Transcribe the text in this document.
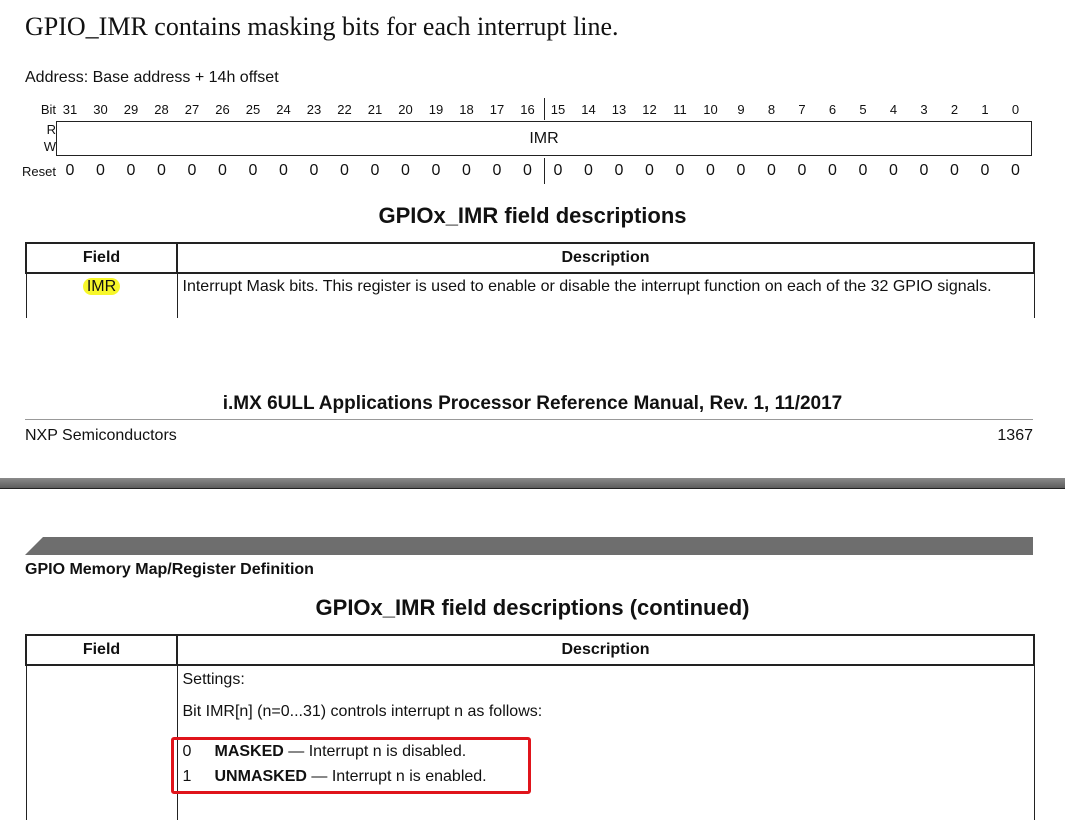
GPIO_IMR contains masking bits for each interrupt line.
Address: Base address + 14h offset
Bit 31	30	29	28	27	26	25	24	23	22	21	20	19	18	17	16	15	14	13	12	11	10	9	8	7	6	5	4	3	2	1	0
R
W	IMR
Reset 0	0	0	0	0	0	0	0	0	0	0	0	0	0	0	0	0	0	0	0	0	0	0	0	0	0	0	0	0	0	0	0
GPIOx_IMR field descriptions
Field	Description
IMR	Interrupt Mask bits. This register is used to enable or disable the interrupt function on each of the 32 GPIO signals.
i.MX 6ULL Applications Processor Reference Manual, Rev. 1, 11/2017
NXP Semiconductors	1367
GPIO Memory Map/Register Definition
GPIOx_IMR field descriptions (continued)
Field	Description

	Settings:
Bit IMR[n] (n=0...31) controls interrupt n as follows:
0 MASKED — Interrupt n is disabled.
1 UNMASKED — Interrupt n is enabled.
